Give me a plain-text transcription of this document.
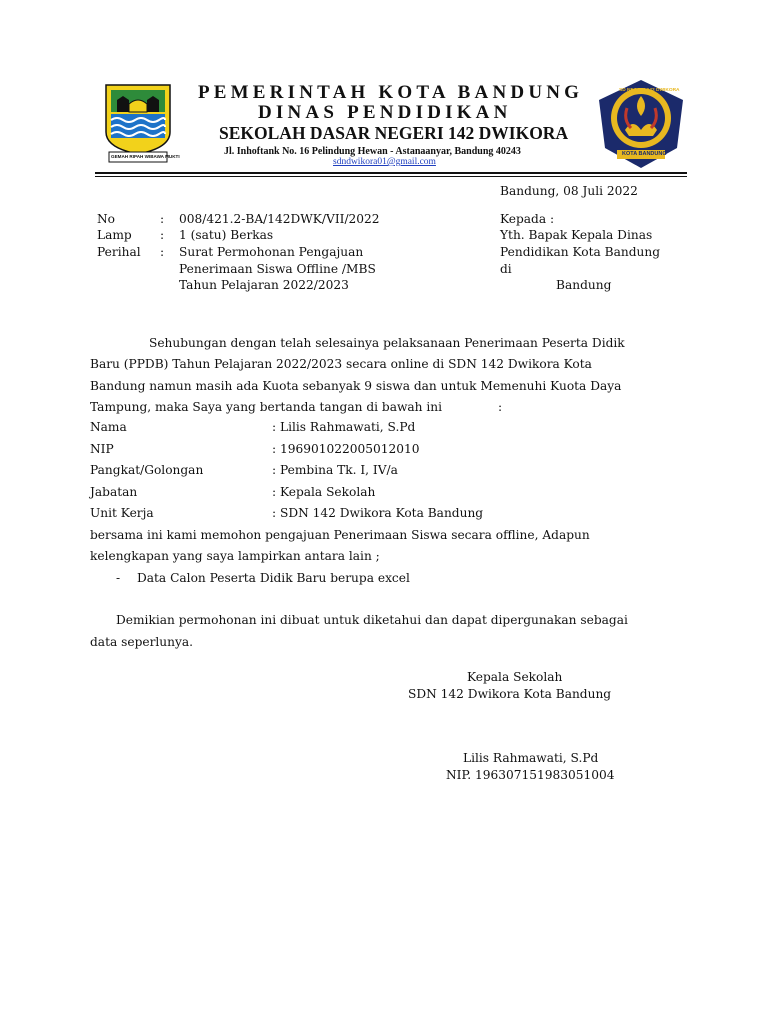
GEMAH RIPAH WIBAWA MUKTI
SD NEGERI 142 DWIKORA
KOTA BANDUNG
PEMERINTAH KOTA BANDUNG
DINAS PENDIDIKAN
SEKOLAH DASAR NEGERI 142 DWIKORA
Jl. Inhoftank No. 16 Pelindung Hewan - Astanaanyar, Bandung 40243
sdndwikora01@gmail.com
Bandung, 08 Juli 2022
No	: 008/421.2-BA/142DWK/VII/2022
Lamp : 1 (satu) Berkas
Perihal : Surat Permohonan Pengajuan
Penerimaan Siswa Offline /MBS
Tahun Pelajaran 2022/2023
Kepada :
Yth. Bapak Kepala Dinas
Pendidikan Kota Bandung
di
Bandung
Sehubungan dengan telah selesainya pelaksanaan Penerimaan Peserta Didik
Baru (PPDB) Tahun Pelajaran 2022/2023 secara online di SDN 142 Dwikora Kota
Bandung namun masih ada Kuota sebanyak 9 siswa dan untuk Memenuhi Kuota Daya
Tampung, maka Saya yang bertanda tangan di bawah ini	:
Nama	: Lilis Rahmawati, S.Pd
NIP	: 196901022005012010
Pangkat/Golongan	: Pembina Tk. I, IV/a
Jabatan	: Kepala Sekolah
Unit Kerja	: SDN 142 Dwikora Kota Bandung
bersama ini kami memohon pengajuan Penerimaan Siswa secara offline, Adapun
kelengkapan yang saya lampirkan antara lain ;
- Data Calon Peserta Didik Baru berupa excel
Demikian permohonan ini dibuat untuk diketahui dan dapat dipergunakan sebagai
data seperlunya.
Kepala Sekolah
SDN 142 Dwikora Kota Bandung
Lilis Rahmawati, S.Pd
NIP. 196307151983051004
